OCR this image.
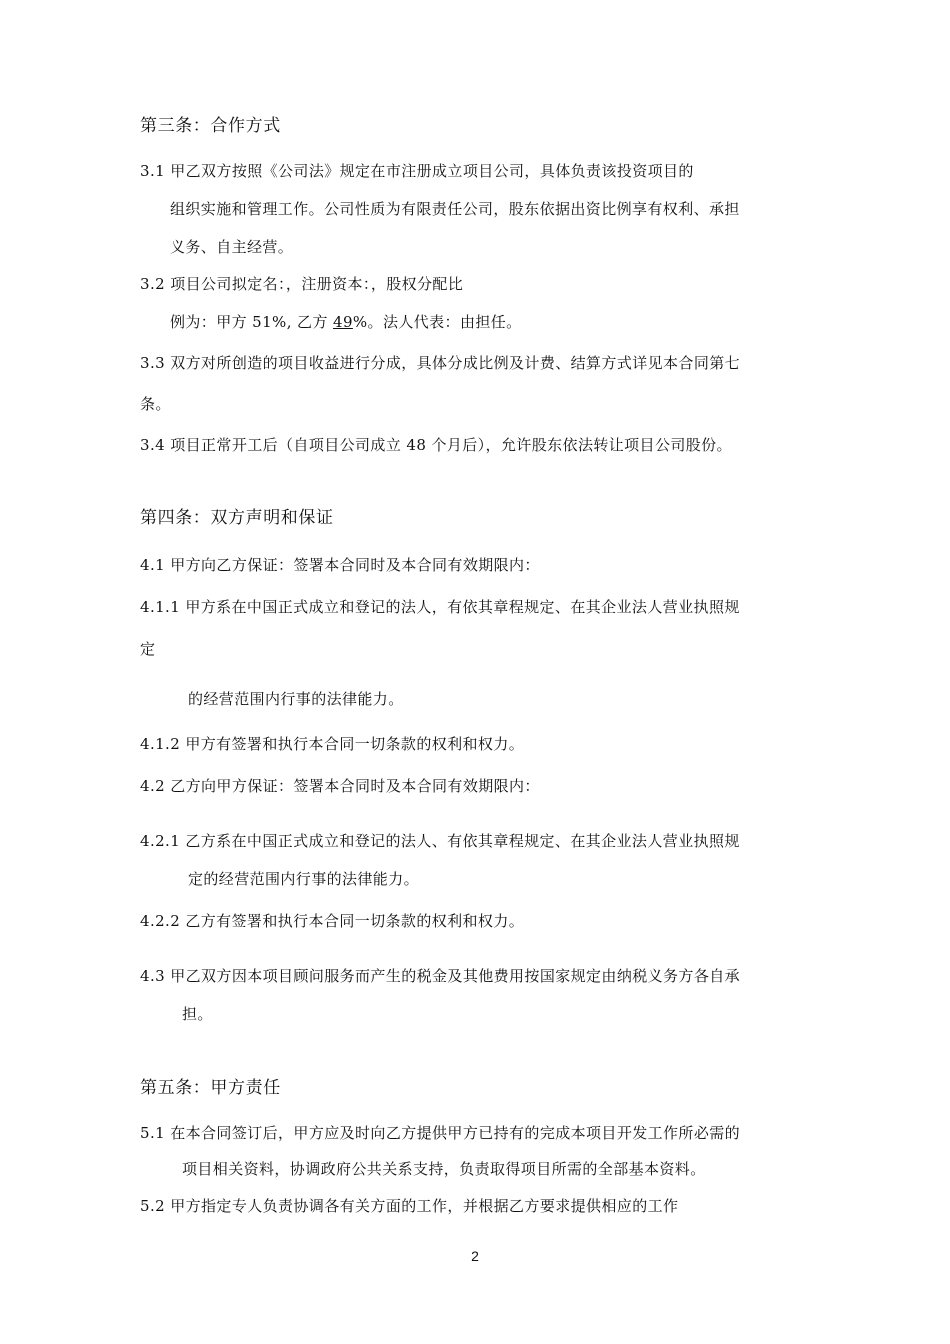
第三条：合作方式
3.1 甲乙双方按照《公司法》规定在市注册成立项目公司，具体负责该投资项目的
组织实施和管理工作。公司性质为有限责任公司，股东依据出资比例享有权利、承担
义务、自主经营。
3.2 项目公司拟定名：，注册资本：，股权分配比
例为：甲方 51%, 乙方 49%。法人代表：由担任。
3.3 双方对所创造的项目收益进行分成，具体分成比例及计费、结算方式详见本合同第七
条。
3.4 项目正常开工后（自项目公司成立 48 个月后），允许股东依法转让项目公司股份。
第四条：双方声明和保证
4.1 甲方向乙方保证：签署本合同时及本合同有效期限内：
4.1.1 甲方系在中国正式成立和登记的法人，有依其章程规定、在其企业法人营业执照规
定
的经营范围内行事的法律能力。
4.1.2 甲方有签署和执行本合同一切条款的权利和权力。
4.2 乙方向甲方保证：签署本合同时及本合同有效期限内：
4.2.1 乙方系在中国正式成立和登记的法人、有依其章程规定、在其企业法人营业执照规
定的经营范围内行事的法律能力。
4.2.2 乙方有签署和执行本合同一切条款的权利和权力。
4.3 甲乙双方因本项目顾问服务而产生的税金及其他费用按国家规定由纳税义务方各自承
担。
第五条：甲方责任
5.1 在本合同签订后，甲方应及时向乙方提供甲方已持有的完成本项目开发工作所必需的
项目相关资料，协调政府公共关系支持，负责取得项目所需的全部基本资料。
5.2 甲方指定专人负责协调各有关方面的工作，并根据乙方要求提供相应的工作
2
